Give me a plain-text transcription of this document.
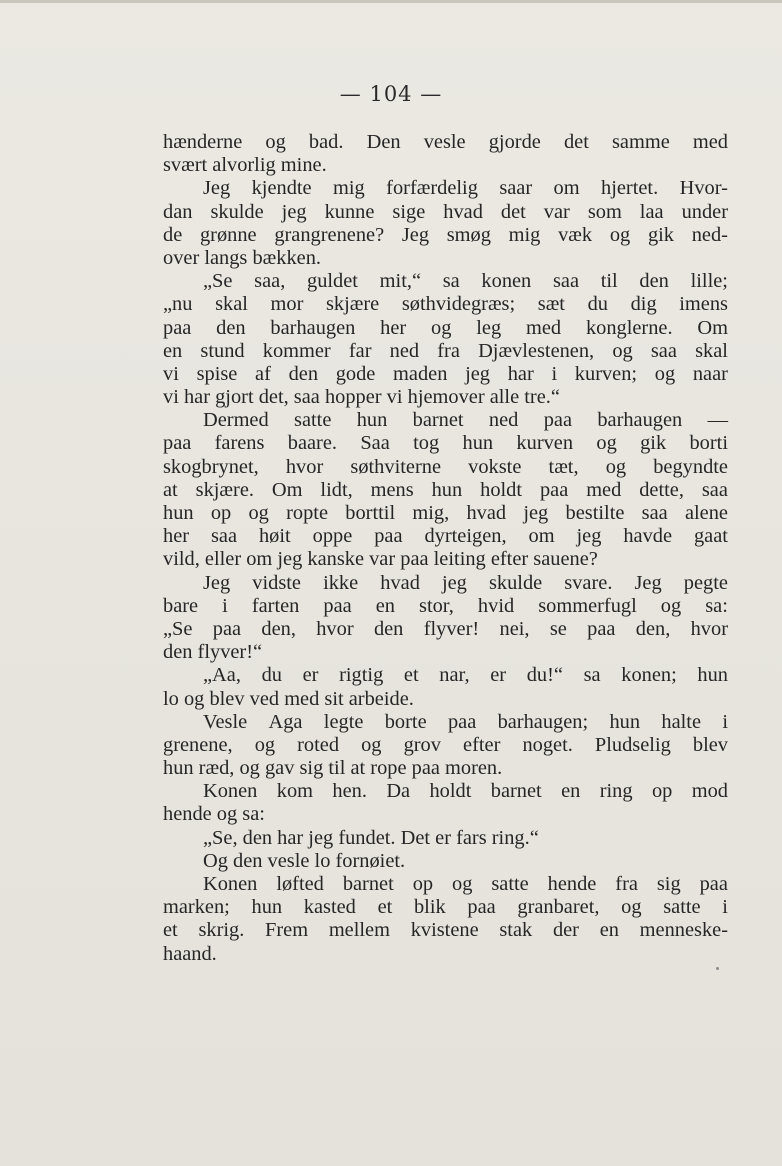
— 104 —

hænderne og bad. Den vesle gjorde det samme med
svært alvorlig mine.
Jeg kjendte mig forfærdelig saar om hjertet. Hvor-
dan skulde jeg kunne sige hvad det var som laa under
de grønne grangrenene? Jeg smøg mig væk og gik ned-
over langs bækken.
„Se saa, guldet mit,“ sa konen saa til den lille;
„nu skal mor skjære søthvidegræs; sæt du dig imens
paa den barhaugen her og leg med konglerne. Om
en stund kommer far ned fra Djævlestenen, og saa skal
vi spise af den gode maden jeg har i kurven; og naar
vi har gjort det, saa hopper vi hjemover alle tre.“
Dermed satte hun barnet ned paa barhaugen —
paa farens baare. Saa tog hun kurven og gik borti
skogbrynet, hvor søthviterne vokste tæt, og begyndte
at skjære. Om lidt, mens hun holdt paa med dette, saa
hun op og ropte borttil mig, hvad jeg bestilte saa alene
her saa høit oppe paa dyrteigen, om jeg havde gaat
vild, eller om jeg kanske var paa leiting efter sauene?
Jeg vidste ikke hvad jeg skulde svare. Jeg pegte
bare i farten paa en stor, hvid sommerfugl og sa:
„Se paa den, hvor den flyver! nei, se paa den, hvor
den flyver!“
„Aa, du er rigtig et nar, er du!“ sa konen; hun
lo og blev ved med sit arbeide.
Vesle Aga legte borte paa barhaugen; hun halte i
grenene, og roted og grov efter noget. Pludselig blev
hun ræd, og gav sig til at rope paa moren.
Konen kom hen. Da holdt barnet en ring op mod
hende og sa:
„Se, den har jeg fundet. Det er fars ring.“
Og den vesle lo fornøiet.
Konen løfted barnet op og satte hende fra sig paa
marken; hun kasted et blik paa granbaret, og satte i
et skrig. Frem mellem kvistene stak der en menneske-
haand.
